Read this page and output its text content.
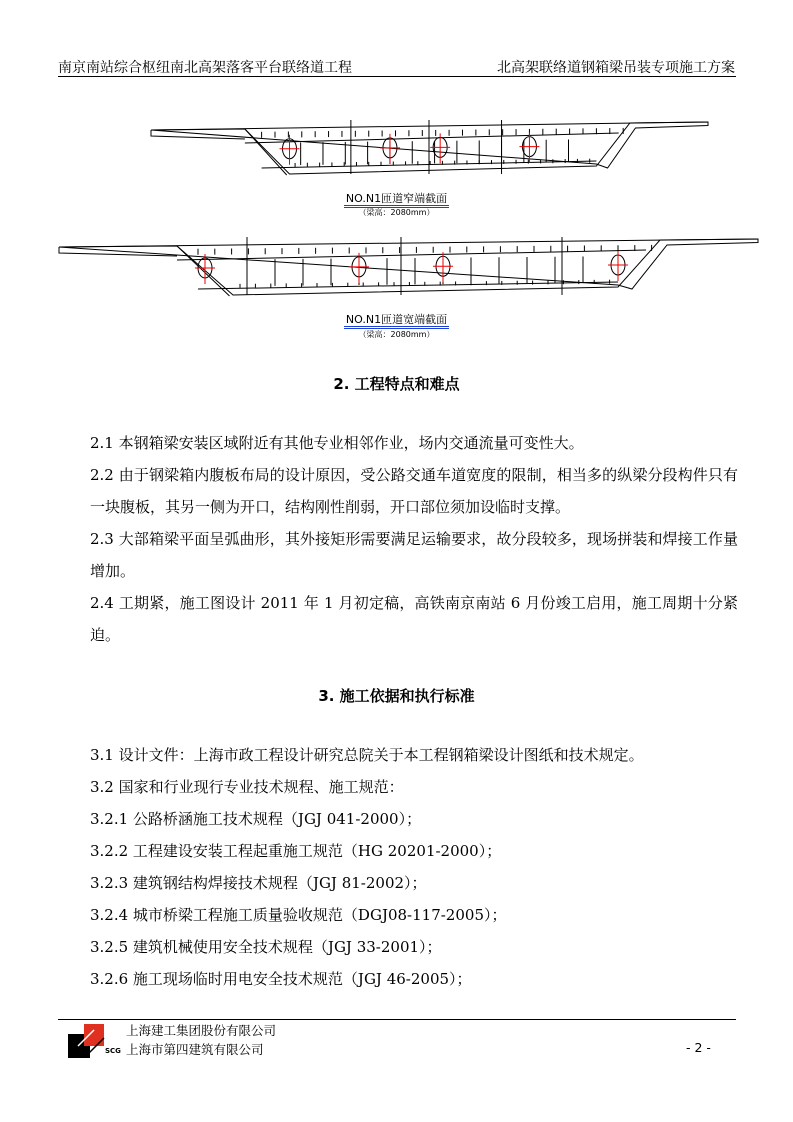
南京南站综合枢纽南北高架落客平台联络道工程	北高架联络道钢箱梁吊装专项施工方案
NO.N1匝道窄端截面
（梁高：2080mm）
NO.N1匝道宽端截面
（梁高：2080mm）
2. 工程特点和难点
2.1 本钢箱梁安装区域附近有其他专业相邻作业，场内交通流量可变性大。
2.2 由于钢梁箱内腹板布局的设计原因，受公路交通车道宽度的限制，相当多的纵梁分段构件只有一块腹板，其另一侧为开口，结构刚性削弱，开口部位须加设临时支撑。
2.3 大部箱梁平面呈弧曲形，其外接矩形需要满足运输要求，故分段较多，现场拼装和焊接工作量增加。
2.4 工期紧，施工图设计 2011 年 1 月初定稿，高铁南京南站 6 月份竣工启用，施工周期十分紧迫。
3. 施工依据和执行标准
3.1 设计文件：上海市政工程设计研究总院关于本工程钢箱梁设计图纸和技术规定。
3.2 国家和行业现行专业技术规程、施工规范：
3.2.1 公路桥涵施工技术规程（JGJ 041-2000）；
3.2.2 工程建设安装工程起重施工规范（HG 20201-2000）；
3.2.3 建筑钢结构焊接技术规程（JGJ 81-2002）；
3.2.4 城市桥梁工程施工质量验收规范（DGJ08-117-2005）；
3.2.5 建筑机械使用安全技术规程（JGJ 33-2001）；
3.2.6 施工现场临时用电安全技术规范（JGJ 46-2005）；
SCG
上海建工集团股份有限公司
上海市第四建筑有限公司	- 2 -
